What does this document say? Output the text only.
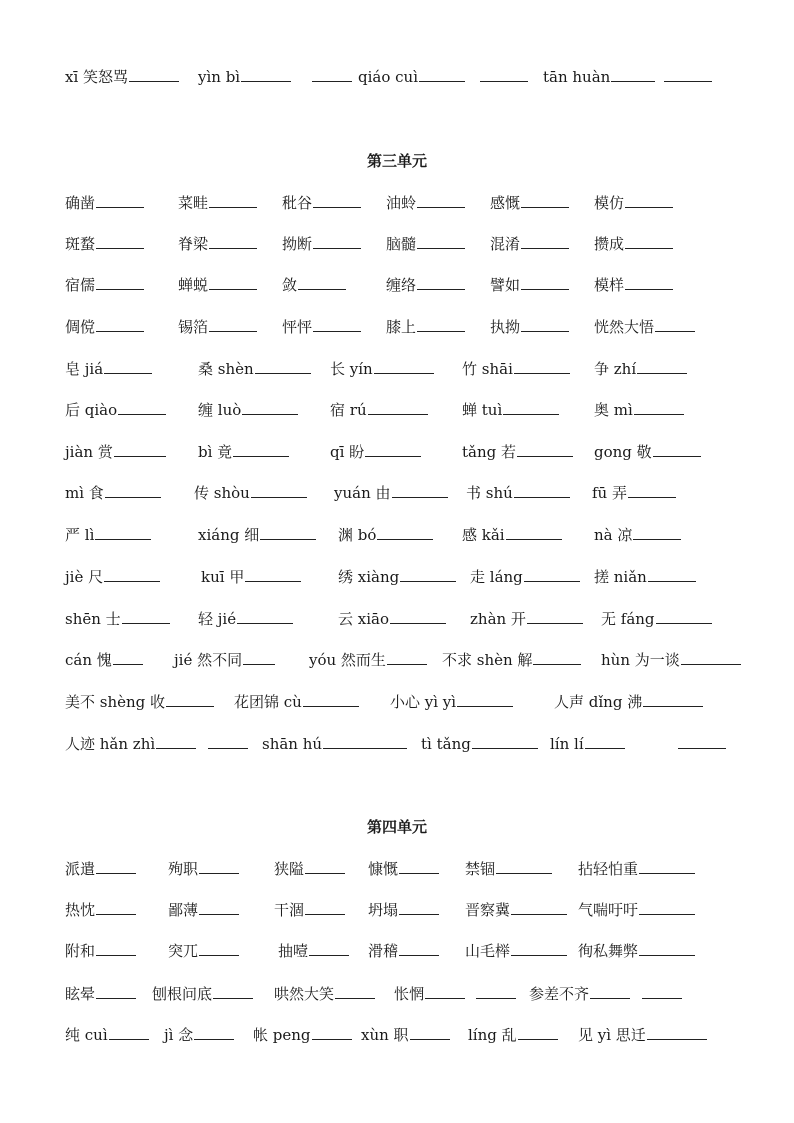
xī 笑怒骂	yìn bì	qiáo cuì	tān huàn
第三单元
确凿	菜畦	秕谷	油蛉	感慨	模仿
斑蝥	脊梁	拗断	脑髓	混淆	攒成
宿儒	蝉蜕	敛	缠络	譬如	模样
倜傥	锡箔	怦怦	膝上	执拗	恍然大悟
皂 jiá	桑 shèn	长 yín	竹 shāi	争 zhí
后 qiào	缠 luò	宿 rú	蝉 tuì	奥 mì
jiàn 赏	bì 竟	qī 盼	tǎng 若	gong 敬
mì 食	传 shòu	yuán 由	书 shú	fū 弄
严 lì	xiáng 细	渊 bó	感 kǎi	nà 凉
jiè 尺	kuī 甲	绣 xiàng	走 láng	搓 niǎn
shēn 士	轻 jié	云 xiāo	zhàn 开	无 fáng
cán 愧	jié 然不同	yóu 然而生	不求 shèn 解	hùn 为一谈
美不 shèng 收	花团锦 cù	小心 yì yì	人声 dǐng 沸
人迹 hǎn zhì	shān hú	tì tǎng	lín lí
第四单元
派遣	殉职	狭隘	慷慨	禁锢	拈轻怕重
热忱	鄙薄	干涸	坍塌	晋察冀	气喘吁吁
附和	突兀	抽噎	滑稽	山毛榉	徇私舞弊
眩晕	刨根问底	哄然大笑	怅惘	参差不齐
纯 cuì	jì 念	帐 peng	xùn 职	líng 乱	见 yì 思迁
